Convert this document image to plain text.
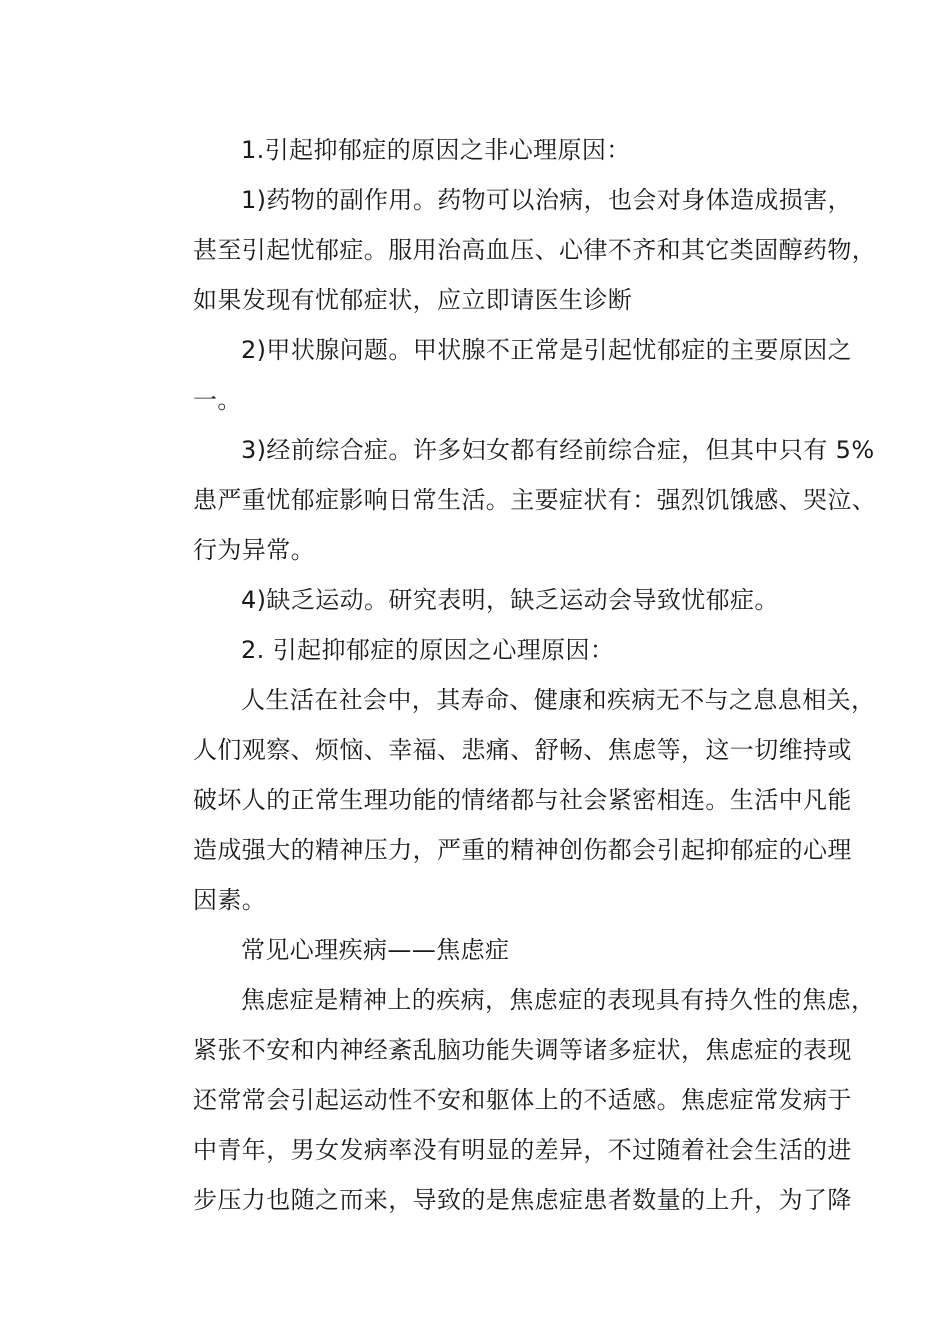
1.引起抑郁症的原因之非心理原因：
1)药物的副作用。药物可以治病，也会对身体造成损害，
甚至引起忧郁症。服用治高血压、心律不齐和其它类固醇药物，
如果发现有忧郁症状，应立即请医生诊断
2)甲状腺问题。甲状腺不正常是引起忧郁症的主要原因之
一。
3)经前综合症。许多妇女都有经前综合症，但其中只有 5%
患严重忧郁症影响日常生活。主要症状有：强烈饥饿感、哭泣、
行为异常。
4)缺乏运动。研究表明，缺乏运动会导致忧郁症。
2. 引起抑郁症的原因之心理原因：
人生活在社会中，其寿命、健康和疾病无不与之息息相关，
人们观察、烦恼、幸福、悲痛、舒畅、焦虑等，这一切维持或
破坏人的正常生理功能的情绪都与社会紧密相连。生活中凡能
造成强大的精神压力，严重的精神创伤都会引起抑郁症的心理
因素。
常见心理疾病——焦虑症
焦虑症是精神上的疾病，焦虑症的表现具有持久性的焦虑，
紧张不安和内神经紊乱脑功能失调等诸多症状，焦虑症的表现
还常常会引起运动性不安和躯体上的不适感。焦虑症常发病于
中青年，男女发病率没有明显的差异，不过随着社会生活的进
步压力也随之而来，导致的是焦虑症患者数量的上升，为了降
